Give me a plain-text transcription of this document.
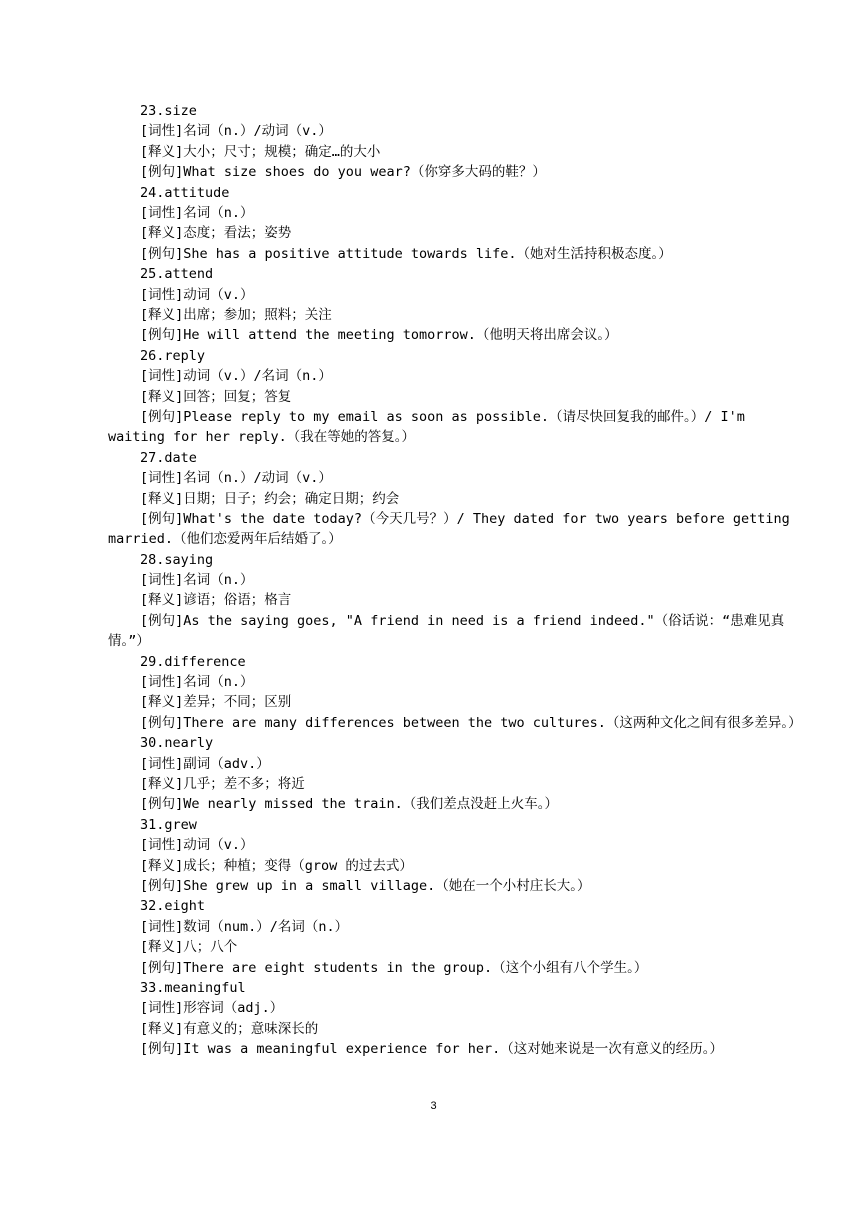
23.size
[词性]名词（n.）/动词（v.）
[释义]大小；尺寸；规模；确定…的大小
[例句]What size shoes do you wear?（你穿多大码的鞋？）
24.attitude
[词性]名词（n.）
[释义]态度；看法；姿势
[例句]She has a positive attitude towards life.（她对生活持积极态度。）
25.attend
[词性]动词（v.）
[释义]出席；参加；照料；关注
[例句]He will attend the meeting tomorrow.（他明天将出席会议。）
26.reply
[词性]动词（v.）/名词（n.）
[释义]回答；回复；答复
[例句]Please reply to my email as soon as possible.（请尽快回复我的邮件。）/ I'm waiting for her reply.（我在等她的答复。）
27.date
[词性]名词（n.）/动词（v.）
[释义]日期；日子；约会；确定日期；约会
[例句]What's the date today?（今天几号？）/ They dated for two years before getting married.（他们恋爱两年后结婚了。）
28.saying
[词性]名词（n.）
[释义]谚语；俗语；格言
[例句]As the saying goes, "A friend in need is a friend indeed."（俗话说：“患难见真情。”）
29.difference
[词性]名词（n.）
[释义]差异；不同；区别
[例句]There are many differences between the two cultures.（这两种文化之间有很多差异。）
30.nearly
[词性]副词（adv.）
[释义]几乎；差不多；将近
[例句]We nearly missed the train.（我们差点没赶上火车。）
31.grew
[词性]动词（v.）
[释义]成长；种植；变得（grow 的过去式）
[例句]She grew up in a small village.（她在一个小村庄长大。）
32.eight
[词性]数词（num.）/名词（n.）
[释义]八；八个
[例句]There are eight students in the group.（这个小组有八个学生。）
33.meaningful
[词性]形容词（adj.）
[释义]有意义的；意味深长的
[例句]It was a meaningful experience for her.（这对她来说是一次有意义的经历。）
3
